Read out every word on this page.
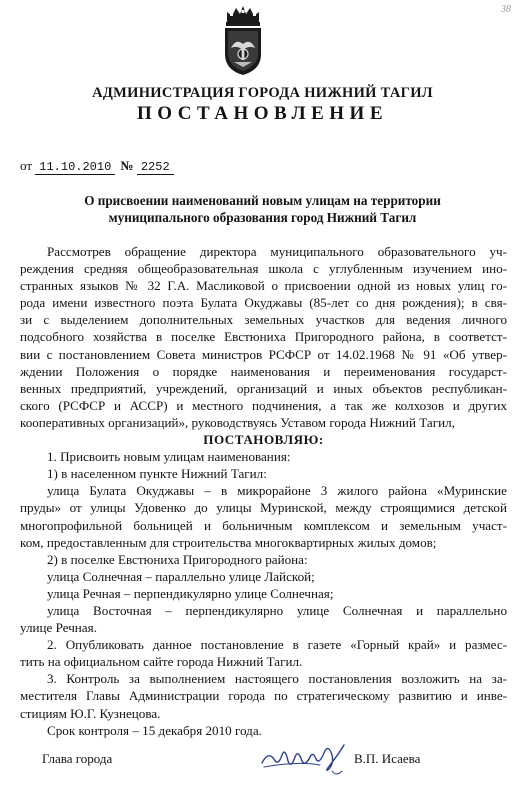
38
АДМИНИСТРАЦИЯ ГОРОДА НИЖНИЙ ТАГИЛ
ПОСТАНОВЛЕНИЕ
от 11.10.2010 № 2252
О присвоении наименований новым улицам на территории
муниципального образования город Нижний Тагил
Рассмотрев обращение директора муниципального образовательного уч-
реждения средняя общеобразовательная школа с углубленным изучением ино-
странных языков № 32 Г.А. Масликовой о присвоении одной из новых улиц го-
рода имени известного поэта Булата Окуджавы (85-лет со дня рождения); в свя-
зи с выделением дополнительных земельных участков для ведения личного
подсобного хозяйства в поселке Евстюниха Пригородного района, в соответст-
вии с постановлением Совета министров РСФСР от 14.02.1968 № 91 «Об утвер-
ждении Положения о порядке наименования и переименования государст-
венных предприятий, учреждений, организаций и иных объектов республикан-
ского (РСФСР и АССР) и местного подчинения, а так же колхозов и других
кооперативных организаций», руководствуясь Уставом города Нижний Тагил,
ПОСТАНОВЛЯЮ:
1. Присвоить новым улицам наименования:
1) в населенном пункте Нижний Тагил:
улица Булата Окуджавы – в микрорайоне 3 жилого района «Муринские
пруды» от улицы Удовенко до улицы Муринской, между строящимися детской
многопрофильной больницей и больничным комплексом и земельным участ-
ком, предоставленным для строительства многоквартирных жилых домов;
2) в поселке Евстюниха Пригородного района:
улица Солнечная – параллельно улице Лайской;
улица Речная – перпендикулярно улице Солнечная;
улица Восточная – перпендикулярно улице Солнечная и параллельно
улице Речная.
2. Опубликовать данное постановление в газете «Горный край» и размес-
тить на официальном сайте города Нижний Тагил.
3. Контроль за выполнением настоящего постановления возложить на за-
местителя Главы Администрации города по стратегическому развитию и инве-
стициям Ю.Г. Кузнецова.
Срок контроля – 15 декабря 2010 года.
Глава города	В.П. Исаева
